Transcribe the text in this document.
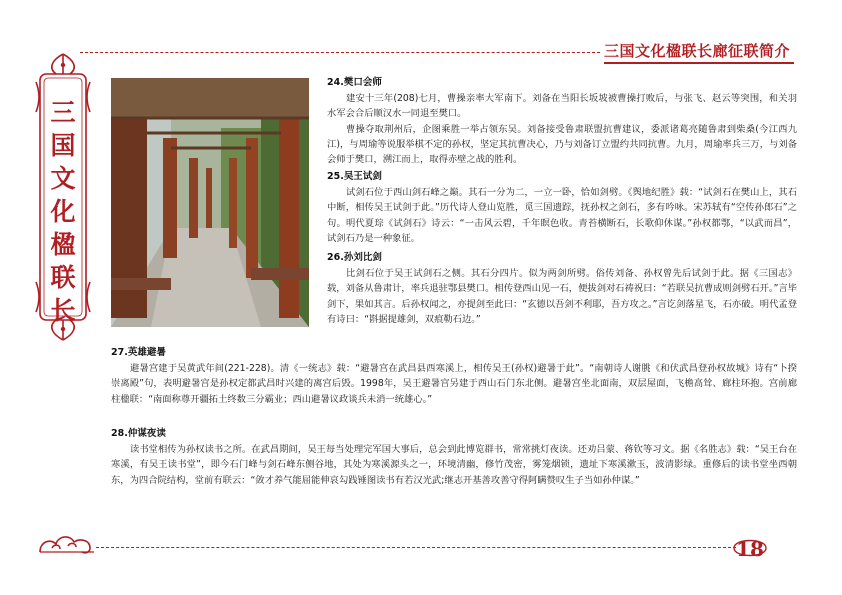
三国文化楹联长廊征联简介
三
国
文
化
楹
联
长
24.樊口会师

建安十三年(208)七月，曹操亲率大军南下。刘备在当阳长坂坡被曹操打败后，与张飞、赵云等突围，和关羽水军会合后顺汉水一同退至樊口。

曹操夺取荆州后，企图乘胜一举占领东吴。刘备接受鲁肃联盟抗曹建议，委派诸葛亮随鲁肃到柴桑(今江西九江)，与周瑜等说服举棋不定的孙权，坚定其抗曹决心，乃与刘备订立盟约共同抗曹。九月，周瑜率兵三万，与刘备会师于樊口，溯江而上，取得赤壁之战的胜利。

25.吴王试剑

试剑石位于西山剑石峰之巅。其石一分为二，一立一卧，恰如剑劈。《舆地纪胜》载：“试剑石在樊山上，其石中断，相传吴王试剑于此。”历代诗人登山览胜，觅三国遗踪，抚孙权之剑石，多有吟咏。宋苏轼有“空传孙郎石”之句。明代夏琮《试剑石》诗云：“一击风云碧，千年瞑色收。青苔横断石，长歌仰休谋。”孙权都鄂，“以武而昌”，试剑石乃是一种象征。

26.孙刘比剑

比剑石位于吴王试剑石之侧。其石分四片。似为两剑所劈。俗传刘备、孙权曾先后试剑于此。据《三国志》载，刘备从鲁肃计，率兵退驻鄂县樊口。相传登西山见一石，便拔剑对石祷祝曰：“若联吴抗曹成则剑劈石开。”言毕剑下，果如其言。后孙权闻之，亦提剑至此曰：“玄德以吾剑不利耶，吾方攻之。”言讫剑落星飞，石亦破。明代孟登有诗曰：“斟据提雄剑，双痕勒石边。”

27.英雄避暑

避暑宫建于吴黄武年间(221-228)。清《一统志》载：“避暑宫在武昌县西寒溪上，相传吴王(孙权)避暑于此”。“南朝诗人谢朓《和伏武昌登孙权故城》诗有“卜揆崇离殿”句，表明避暑宫是孙权定都武昌时兴建的离宫后毁。1998年，吴王避暑宫另建于西山石门东北侧。避暑宫坐北面南，双层屋面，飞檐高耸、廊柱环抱。宫前廊柱楹联：“南面称尊开疆拓土终数三分霸业；西山避暑议政谈兵未消一统雄心。”

28.仲谋夜读

读书堂相传为孙权读书之所。在武昌期间，吴王每当处理完军国大事后，总会到此博览群书，常常挑灯夜读。还劝吕蒙、蒋钦等习文。据《名胜志》载：“吴王台在寒溪，有吴王读书堂”，即今石门峰与剑石峰东侧谷地，其处为寒溪源头之一，环境清幽，修竹茂密，雾笼烟锁，遗址下寒溪漱玉，波清影绿。重修后的读书堂坐西朝东，为四合院结构，堂前有联云：“敛才养气能屈能伸哀勾践锤图读书有若汉光武;继志开基善攻善守得阿瞒赞叹生子当如孙仲谋。”

18
